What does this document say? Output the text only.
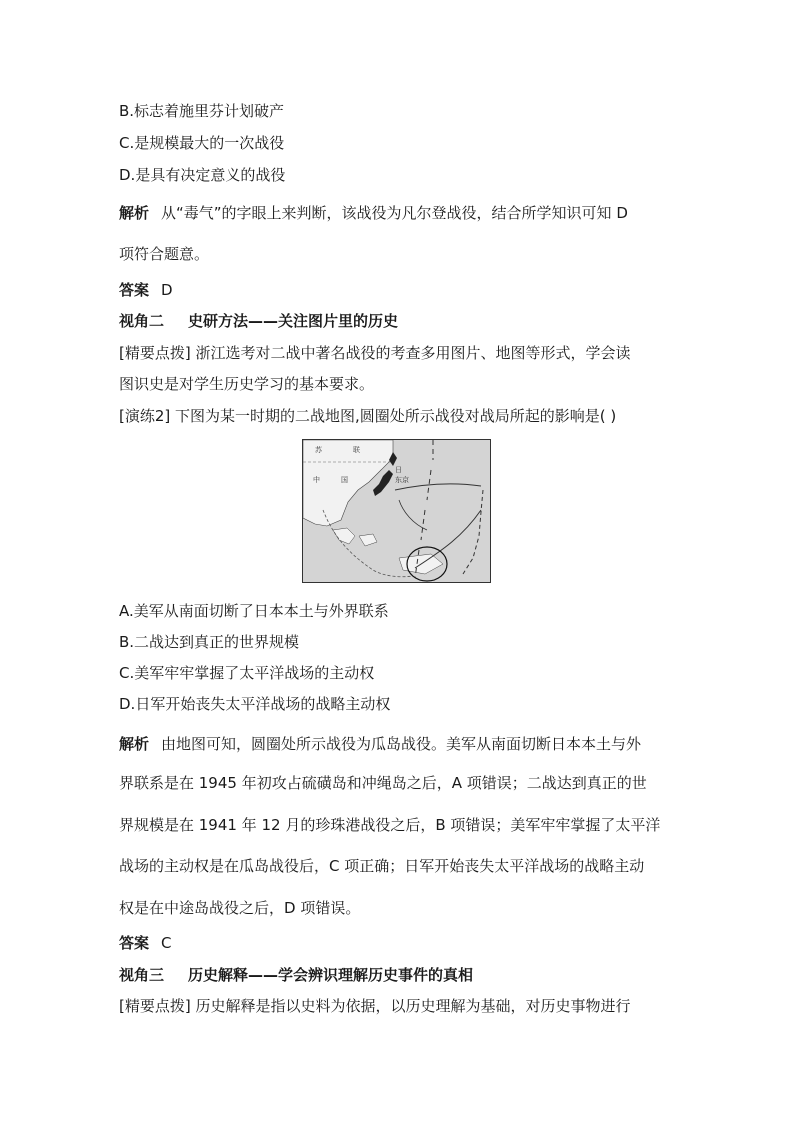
B.标志着施里芬计划破产
C.是规模最大的一次战役
D.是具有决定意义的战役
解析 从“毒气”的字眼上来判断，该战役为凡尔登战役，结合所学知识可知 D
项符合题意。
答案 D
视角二 史研方法——关注图片里的历史
[精要点拨] 浙江选考对二战中著名战役的考查多用图片、地图等形式，学会读
图识史是对学生历史学习的基本要求。
[演练2] 下图为某一时期的二战地图,圆圈处所示战役对战局所起的影响是( )
苏	联
中	国
日
东京
A.美军从南面切断了日本本土与外界联系
B.二战达到真正的世界规模
C.美军牢牢掌握了太平洋战场的主动权
D.日军开始丧失太平洋战场的战略主动权
解析 由地图可知，圆圈处所示战役为瓜岛战役。美军从南面切断日本本土与外
界联系是在 1945 年初攻占硫磺岛和冲绳岛之后，A 项错误；二战达到真正的世
界规模是在 1941 年 12 月的珍珠港战役之后，B 项错误；美军牢牢掌握了太平洋
战场的主动权是在瓜岛战役后，C 项正确；日军开始丧失太平洋战场的战略主动
权是在中途岛战役之后，D 项错误。
答案 C
视角三 历史解释——学会辨识理解历史事件的真相
[精要点拨] 历史解释是指以史料为依据，以历史理解为基础，对历史事物进行
